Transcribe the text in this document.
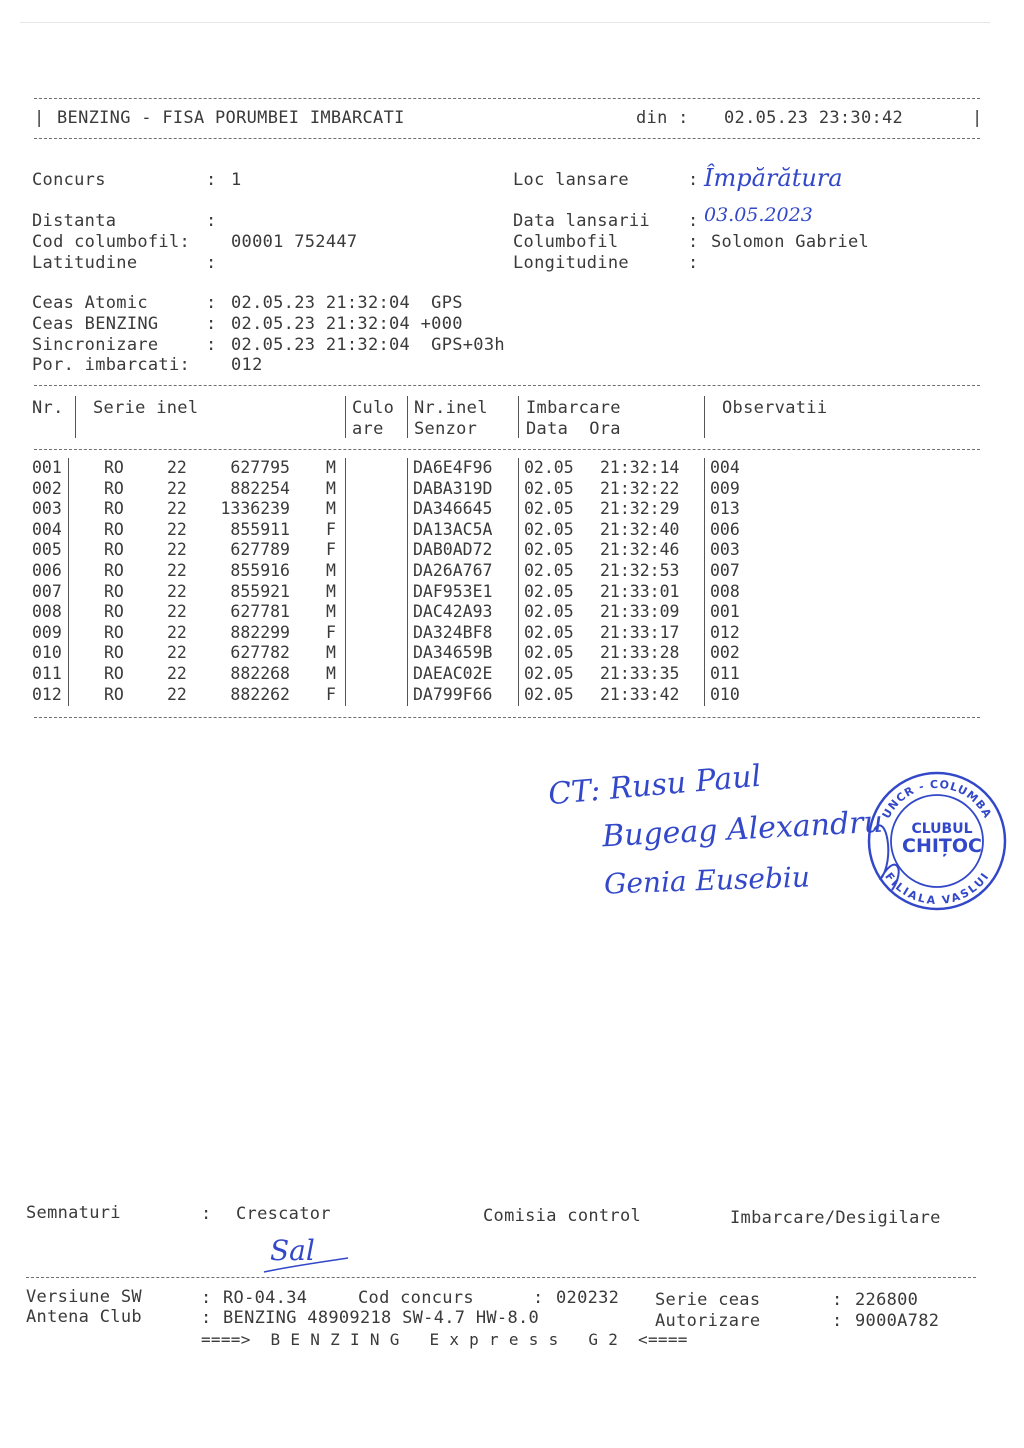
| BENZING - FISA PORUMBEI IMBARCATI	din : 02.05.23 23:30:42	|
Concurs	: 1	Loc lansare	: Împărătura
Distanta	:	Data lansarii : 03.05.2023
Cod columbofil: 00001 752447	Columbofil	: Solomon Gabriel
Latitudine	:	Longitudine	:
Ceas Atomic	: 02.05.23 21:32:04  GPS
Ceas BENZING	: 02.05.23 21:32:04 +000
Sincronizare	: 02.05.23 21:32:04  GPS+03h
Por. imbarcati: 012
Nr. Serie inel	Culo
are
Nr.inel
Senzor
Imbarcare
Data  Ora
Observatii
001	RO	22	627795 M	DA6E4F96 02.05 21:32:14 004
002	RO	22	882254 M	DABA319D 02.05 21:32:22 009
003	RO	22 1336239 M	DA346645 02.05 21:32:29 013
004	RO	22	855911 F	DA13AC5A 02.05 21:32:40 006
005	RO	22	627789 F	DAB0AD72 02.05 21:32:46 003
006	RO	22	855916 M	DA26A767 02.05 21:32:53 007
007	RO	22	855921 M	DAF953E1 02.05 21:33:01 008
008	RO	22	627781 M	DAC42A93 02.05 21:33:09 001
009	RO	22	882299 F	DA324BF8 02.05 21:33:17 012
010	RO	22	627782 M	DA34659B 02.05 21:33:28 002
011	RO	22	882268 M	DAEAC02E 02.05 21:33:35 011
012	RO	22	882262 F	DA799F66 02.05 21:33:42 010
CT: Rusu Paul
Bugeag Alexandru
Genia Eusebiu
UNCR - COLUMBA
FILIALA VASLUI
CLUBUL
CHIȚOC
Semnaturi	: Crescator	Comisia control	Imbarcare/Desigilare
Sal
Versiune SW	: RO-04.34	Cod concurs	: 020232 Serie ceas	: 226800
Antena Club	: BENZING 48909218 SW-4.7 HW-8.0	Autorizare	: 9000A782
====>  B E N Z I N G   E x p r e s s   G 2  <====
